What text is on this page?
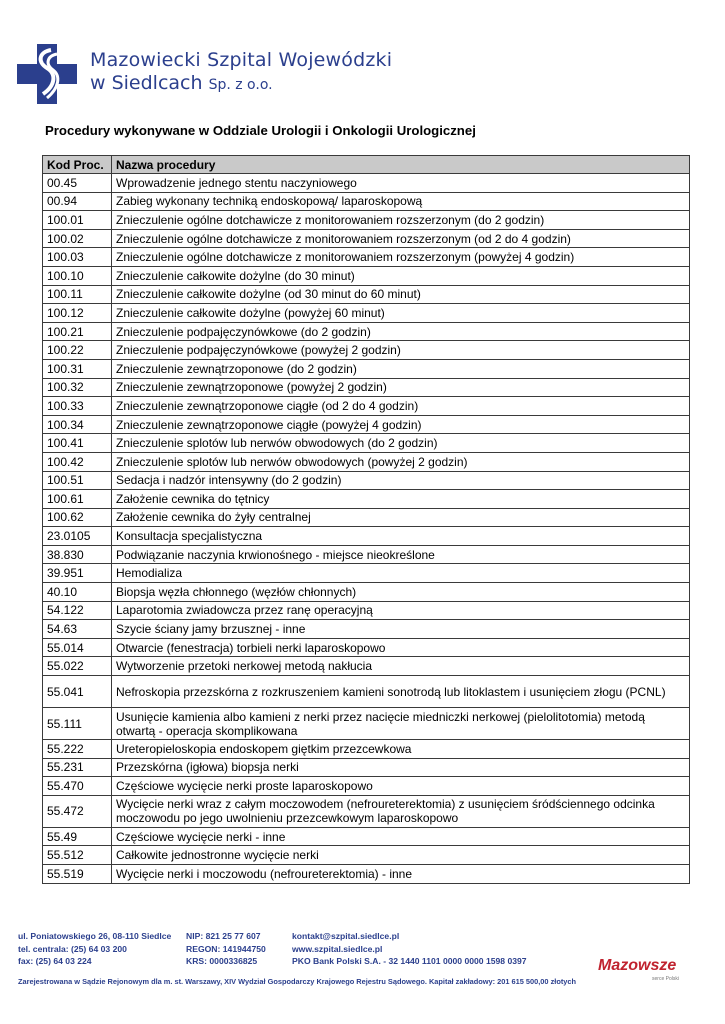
Mazowiecki Szpital Wojewódzki
w Siedlcach Sp. z o.o.
Procedury wykonywane w Oddziale Urologii i Onkologii Urologicznej
Kod Proc.	Nazwa procedury
00.45	Wprowadzenie jednego stentu naczyniowego
00.94	Zabieg wykonany techniką endoskopową/ laparoskopową
100.01	Znieczulenie ogólne dotchawicze z monitorowaniem rozszerzonym (do 2 godzin)
100.02	Znieczulenie ogólne dotchawicze z monitorowaniem rozszerzonym (od 2 do 4 godzin)
100.03	Znieczulenie ogólne dotchawicze z monitorowaniem rozszerzonym (powyżej 4 godzin)
100.10	Znieczulenie całkowite dożylne (do 30 minut)
100.11	Znieczulenie całkowite dożylne (od 30 minut do 60 minut)
100.12	Znieczulenie całkowite dożylne (powyżej 60 minut)
100.21	Znieczulenie podpajęczynówkowe (do 2 godzin)
100.22	Znieczulenie podpajęczynówkowe (powyżej 2 godzin)
100.31	Znieczulenie zewnątrzoponowe (do 2 godzin)
100.32	Znieczulenie zewnątrzoponowe (powyżej 2 godzin)
100.33	Znieczulenie zewnątrzoponowe ciągłe (od 2 do 4 godzin)
100.34	Znieczulenie zewnątrzoponowe ciągłe (powyżej 4 godzin)
100.41	Znieczulenie splotów lub nerwów obwodowych (do 2 godzin)
100.42	Znieczulenie splotów lub nerwów obwodowych (powyżej 2 godzin)
100.51	Sedacja i nadzór intensywny (do 2 godzin)
100.61	Założenie cewnika do tętnicy
100.62	Założenie cewnika do żyły centralnej
23.0105	Konsultacja specjalistyczna
38.830	Podwiązanie naczynia krwionośnego - miejsce nieokreślone
39.951	Hemodializa
40.10	Biopsja węzła chłonnego (węzłów chłonnych)
54.122	Laparotomia zwiadowcza przez ranę operacyjną
54.63	Szycie ściany jamy brzusznej - inne
55.014	Otwarcie (fenestracja) torbieli nerki laparoskopowo
55.022	Wytworzenie przetoki nerkowej metodą nakłucia
55.041	Nefroskopia przezskórna z rozkruszeniem kamieni sonotrodą lub litoklastem i usunięciem złogu (PCNL)
55.111	Usunięcie kamienia albo kamieni z nerki przez nacięcie miedniczki nerkowej (pielolitotomia) metodą otwartą - operacja skomplikowana
55.222	Ureteropieloskopia endoskopem giętkim przezcewkowa
55.231	Przezskórna (igłowa) biopsja nerki
55.470	Częściowe wycięcie nerki proste laparoskopowo
55.472	Wycięcie nerki wraz z całym moczowodem (nefroureterektomia) z usunięciem śródściennego odcinka moczowodu po jego uwolnieniu przezcewkowym laparoskopowo
55.49	Częściowe wycięcie nerki - inne
55.512	Całkowite jednostronne wycięcie nerki
55.519	Wycięcie nerki i moczowodu (nefroureterektomia) - inne
ul. Poniatowskiego 26, 08-110 Siedlce
tel. centrala: (25) 64 03 200
fax: (25) 64 03 224
NIP: 821 25 77 607
REGON: 141944750
KRS: 0000336825
kontakt@szpital.siedlce.pl
www.szpital.siedlce.pl
PKO Bank Polski S.A. - 32 1440 1101 0000 0000 1598 0397
Zarejestrowana w Sądzie Rejonowym dla m. st. Warszawy, XIV Wydział Gospodarczy Krajowego Rejestru Sądowego. Kapitał zakładowy: 201 615 500,00 złotych
Mazowsze
serce Polski
